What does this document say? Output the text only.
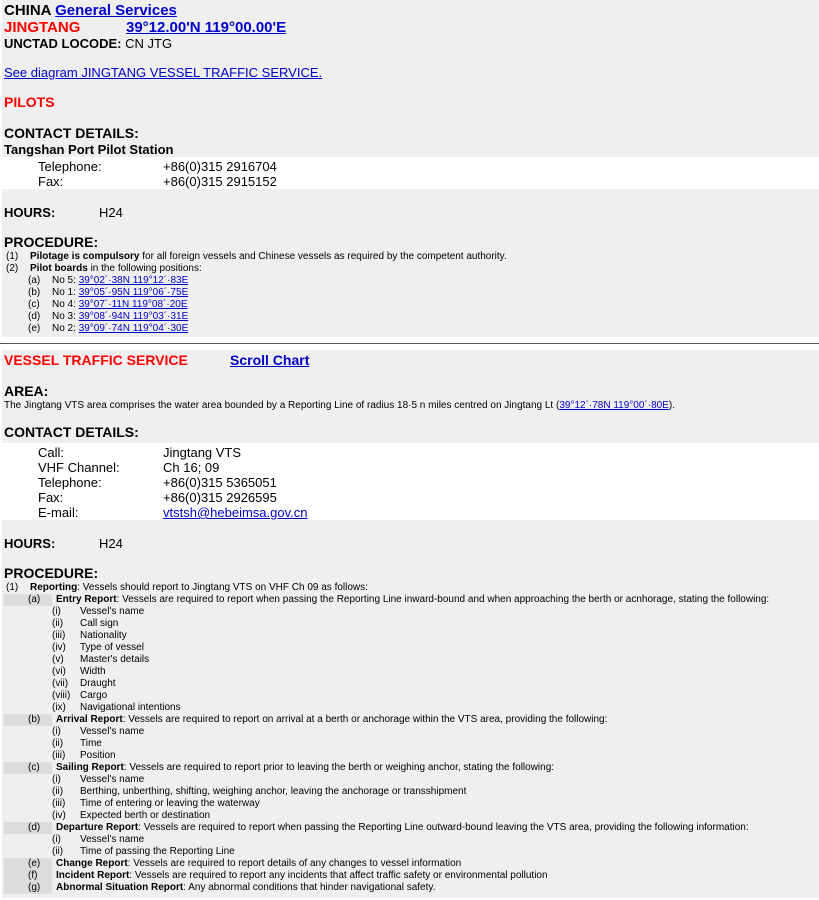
CHINA General Services
JINGTANG	39°12.00'N 119°00.00'E
UNCTAD LOCODE: CN JTG
See diagram JINGTANG VESSEL TRAFFIC SERVICE.
PILOTS
CONTACT DETAILS:
Tangshan Port Pilot Station
Telephone:	+86(0)315 2916704
Fax:	+86(0)315 2915152
HOURS:	H24
PROCEDURE:
(1)	Pilotage is compulsory for all foreign vessels and Chinese vessels as required by the competent authority.
(2)	Pilot boards in the following positions:
(a)	No 5: 39°02´·38N 119°12´·83E
(b)	No 1: 39°05´·95N 119°06´·75E
(c)	No 4: 39°07´·11N 119°08´·20E
(d)	No 3: 39°08´·94N 119°03´·31E
(e)	No 2: 39°09´·74N 119°04´·30E
VESSEL TRAFFIC SERVICE	Scroll Chart
AREA:
The Jingtang VTS area comprises the water area bounded by a Reporting Line of radius 18·5 n miles centred on Jingtang Lt (39°12´·78N 119°00´·80E).
CONTACT DETAILS:
Call:	Jingtang VTS
VHF Channel:	Ch 16; 09
Telephone:	+86(0)315 5365051
Fax:	+86(0)315 2926595
E-mail:	vtstsh@hebeimsa.gov.cn
HOURS:	H24
PROCEDURE:
(1)	Reporting: Vessels should report to Jingtang VTS on VHF Ch 09 as follows:
(a)	Entry Report: Vessels are required to report when passing the Reporting Line inward-bound and when approaching the berth or acnhorage, stating the following:
(i)	Vessel's name
(ii)	Call sign
(iii)	Nationality
(iv)	Type of vessel
(v)	Master's details
(vi)	Width
(vii)	Draught
(viii) Cargo
(ix)	Navigational intentions
(b)	Arrival Report: Vessels are required to report on arrival at a berth or anchorage within the VTS area, providing the following:
(i)	Vessel's name
(ii)	Time
(iii)	Position
(c)	Sailing Report: Vessels are required to report prior to leaving the berth or weighing anchor, stating the following:
(i)	Vessel's name
(ii)	Berthing, unberthing, shifting, weighing anchor, leaving the anchorage or transshipment
(iii)	Time of entering or leaving the waterway
(iv)	Expected berth or destination
(d)	Departure Report: Vessels are required to report when passing the Reporting Line outward-bound leaving the VTS area, providing the following information:
(i)	Vessel's name
(ii)	Time of passing the Reporting Line
(e)	Change Report: Vessels are required to report details of any changes to vessel information
(f)	Incident Report: Vessels are required to report any incidents that affect traffic safety or environmental pollution
(g)	Abnormal Situation Report: Any abnormal conditions that hinder navigational safety.
